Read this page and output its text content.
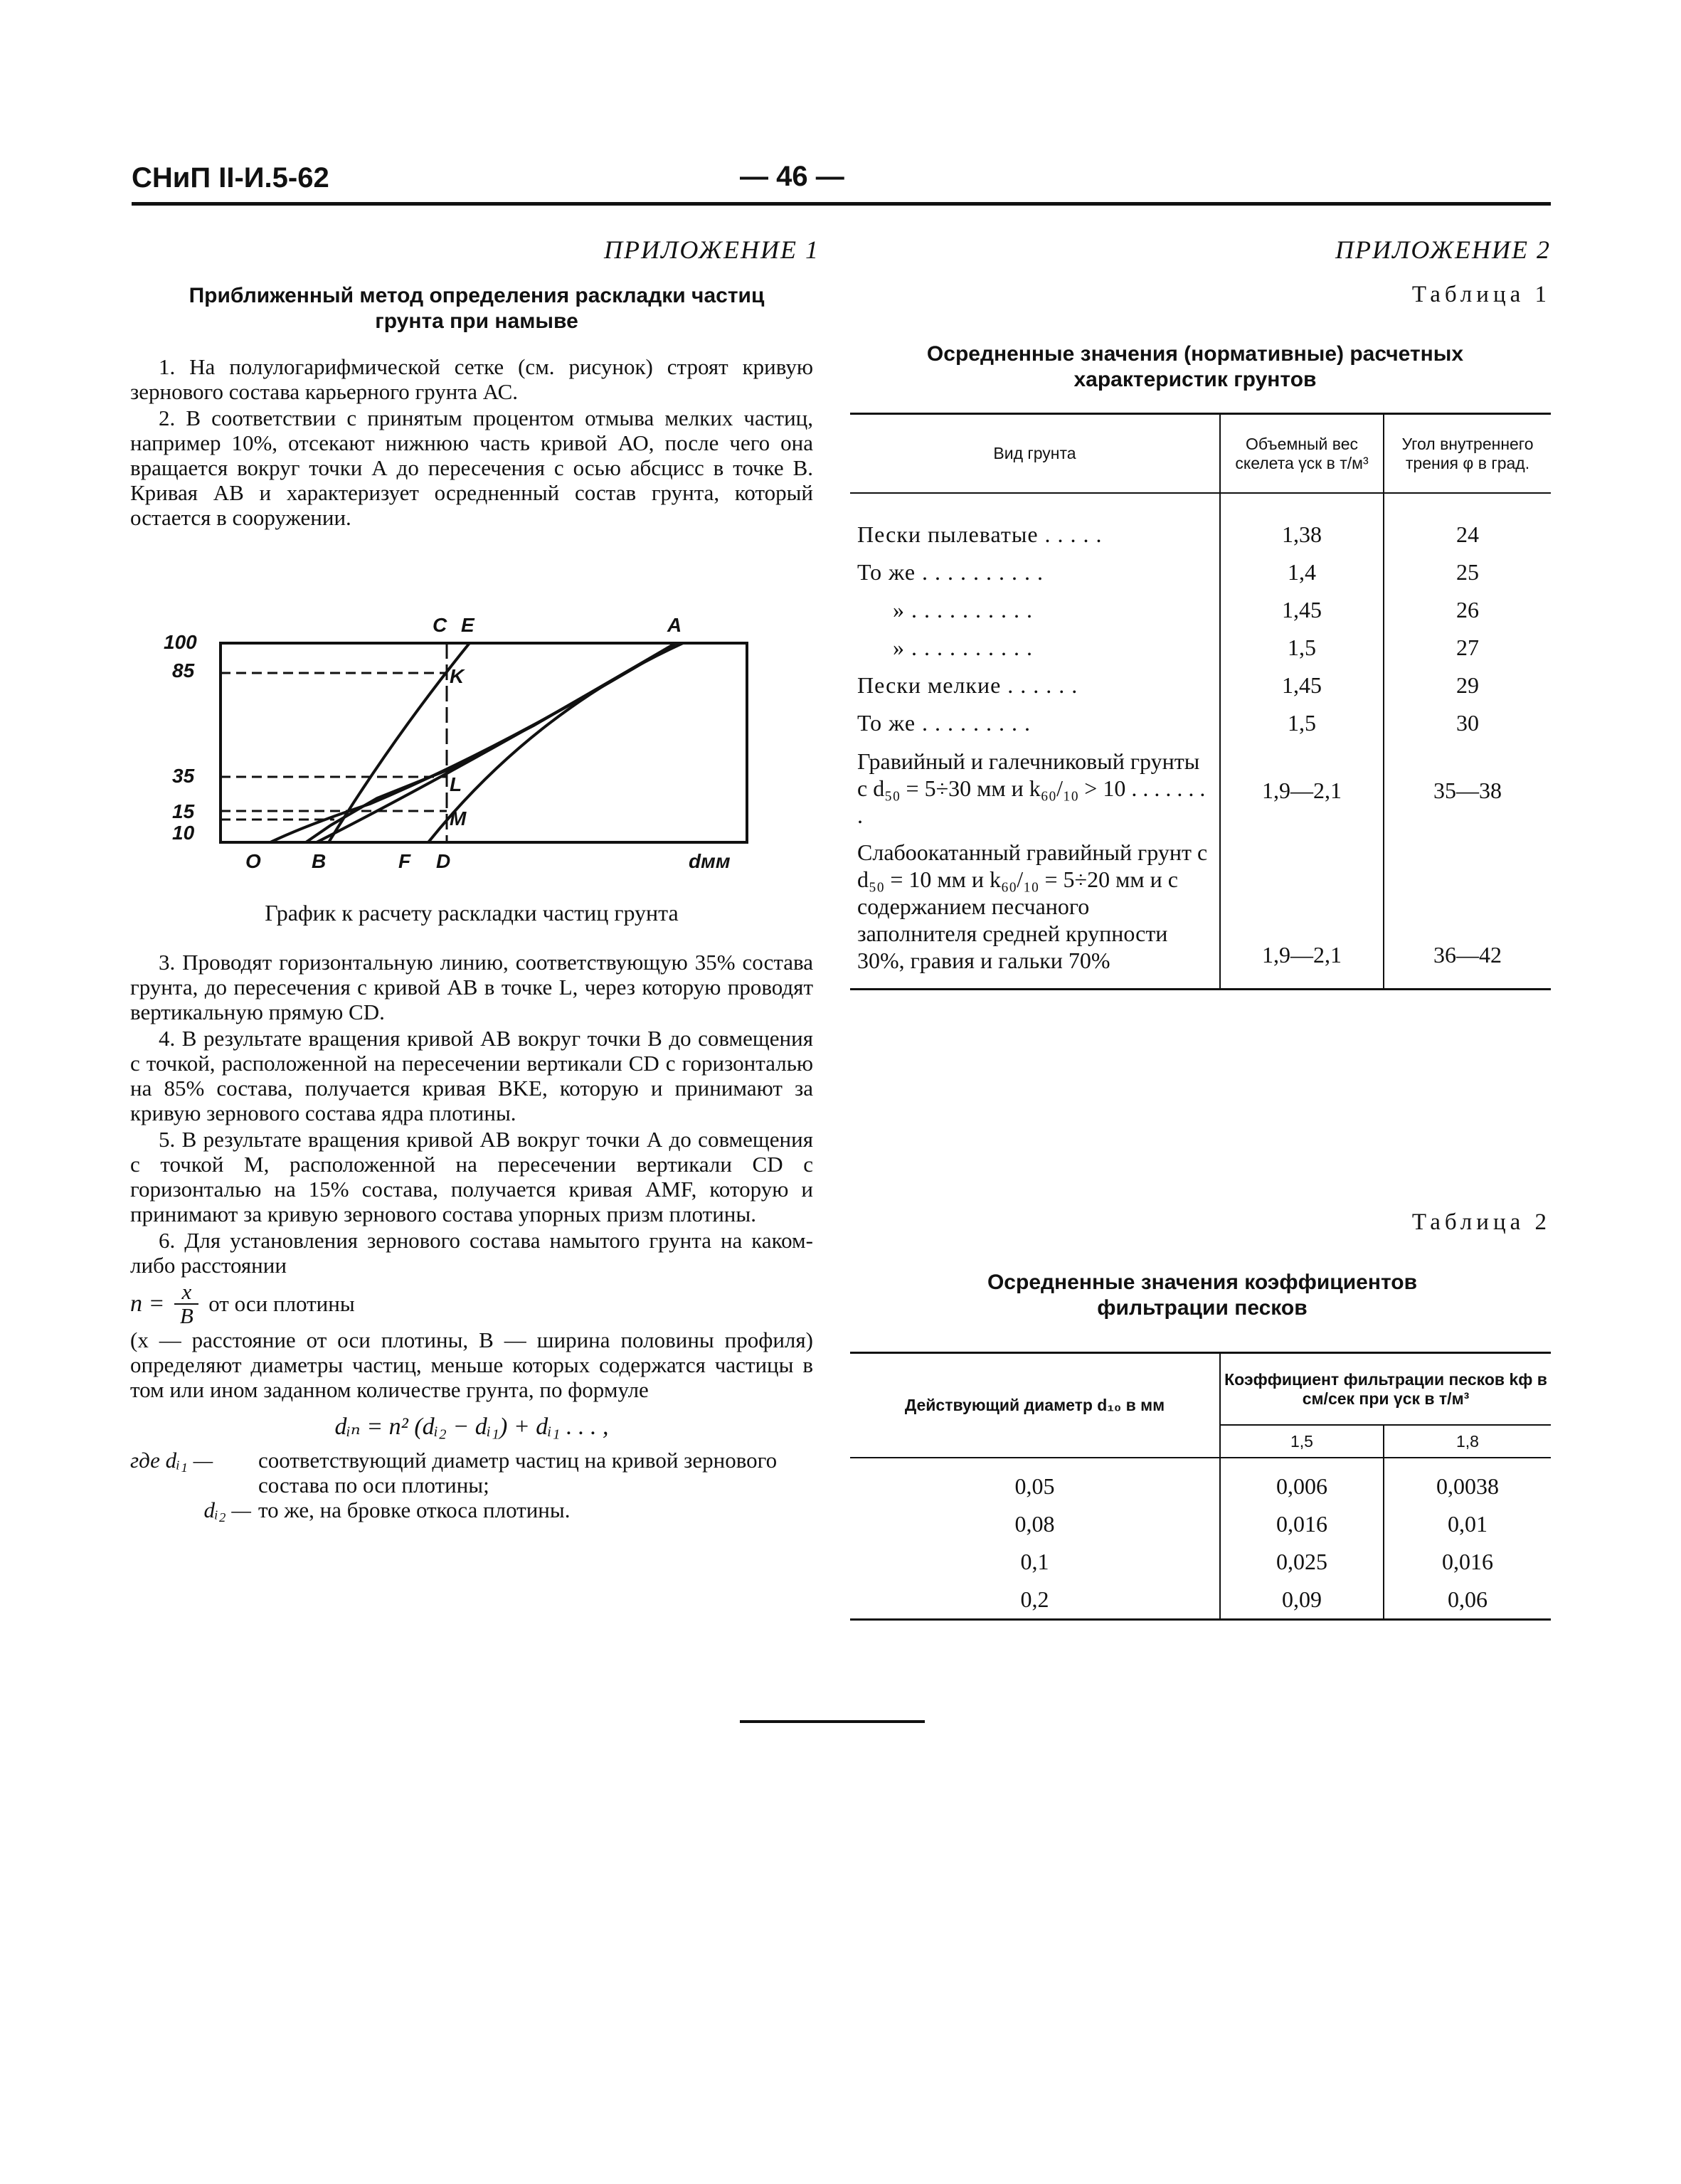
СНиП II-И.5-62	— 46 —
ПРИЛОЖЕНИЕ 1
Приближенный метод определения раскладки частиц грунта при намыве

1. На полулогарифмической сетке (см. рисунок) строят кривую зернового состава карьерного грунта АС.

2. В соответствии с принятым процентом отмыва мелких частиц, например 10%, отсекают нижнюю часть кривой АО, после чего она вращается вокруг точки А до пересечения с осью абсцисс в точке В. Кривая АВ и характеризует осредненный состав грунта, который остается в сооружении.

100
85
35
15
10
О	B	F D	dмм
C E	A
K
L
M
График к расчету раскладки частиц грунта

3. Проводят горизонтальную линию, соответствующую 35% состава грунта, до пересечения с кривой АВ в точке L, через которую проводят вертикальную прямую CD.

4. В результате вращения кривой АВ вокруг точки В до совмещения с точкой, расположенной на пересечении вертикали CD с горизонталью на 85% состава, получается кривая ВKЕ, которую и принимают за кривую зернового состава ядра плотины.

5. В результате вращения кривой АВ вокруг точки А до совмещения с точкой М, расположенной на пересечении вертикали CD с горизонталью на 15% состава, получается кривая АМF, которую и принимают за кривую зернового состава упорных призм плотины.

6. Для установления зернового состава намытого грунта на каком-либо расстоянии
$n = \frac{x}{B}$ от оси плотины

(x — расстояние от оси плотины, B — ширина половины профиля) определяют диаметры частиц, меньше которых содержатся частицы в том или ином заданном количестве грунта, по формуле

dᵢₙ = n² (dᵢ₂ − dᵢ₁) + dᵢ₁ . . . ,
где dᵢ₁ —	соответствующий диаметр частиц на кривой зернового состава по оси плотины;
dᵢ₂ — то же, на бровке откоса плотины.
ПРИЛОЖЕНИЕ 2
Таблица 1
Осредненные значения (нормативные) расчетных характеристик грунтов
Вид грунта	Объемный вес скелета γск в т/м³	Угол внутреннего трения φ в град.

Пески пылеватые . . . . .	1,38	24
То же . . . . . . . . . .	1,4	25
» . . . . . . . . . .	1,45	26
» . . . . . . . . . .	1,5	27
Пески мелкие . . . . . .	1,45	29
То же . . . . . . . . .	1,5	30
Гравийный и галечниковый грунты с d₅₀ = 5÷30 мм и k₆₀/₁₀ > 10 . . . . . . . .	1,9—2,1	35—38
Слабоокатанный гравийный грунт с d₅₀ = 10 мм и k₆₀/₁₀ = 5÷20 мм и с содержанием песчаного заполнителя средней крупности 30%, гравия и гальки 70%	1,9—2,1	36—42
Таблица 2
Осредненные значения коэффициентов фильтрации песков
Действующий диаметр d₁₀ в мм	Коэффициент фильтрации песков kф в см/сек при γск в т/м³	
	1,5	1,8

0,05	0,006	0,0038
0,08	0,016	0,01
0,1	0,025	0,016
0,2	0,09	0,06
